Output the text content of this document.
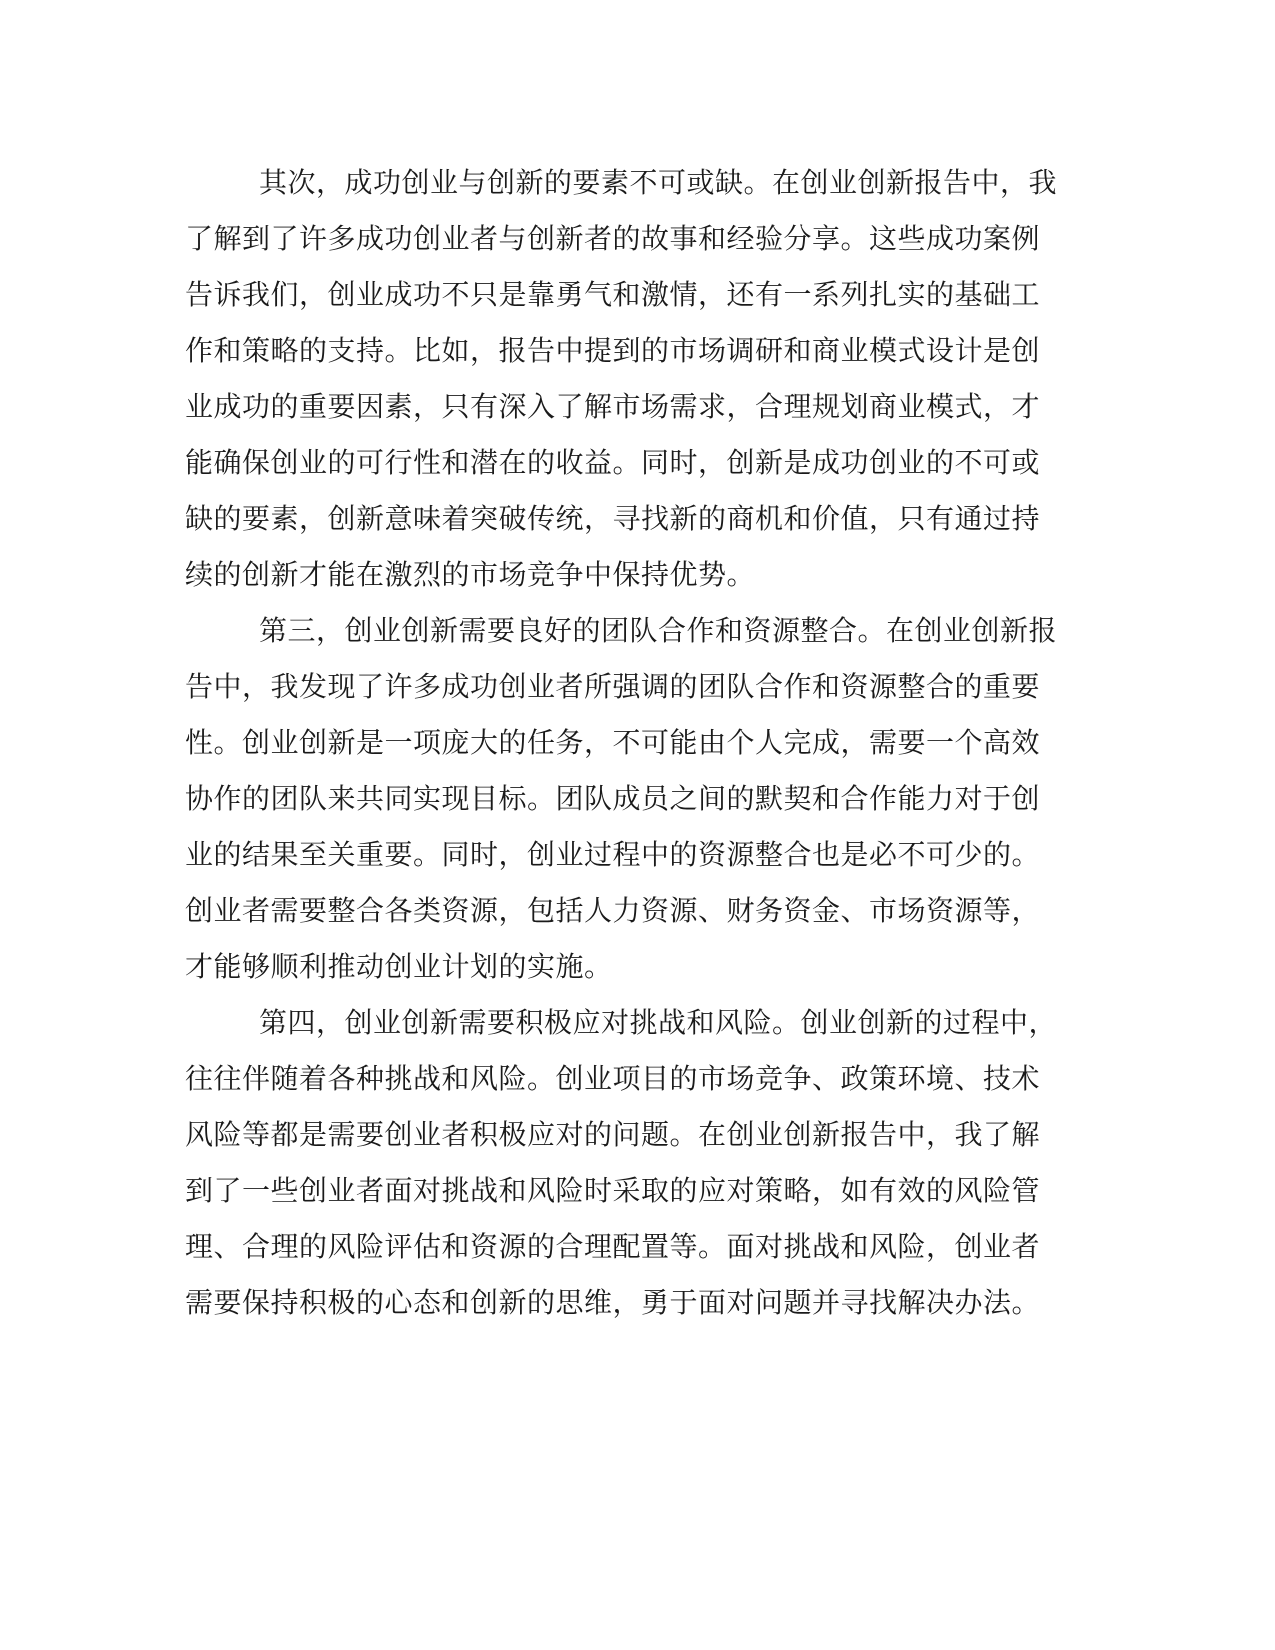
其次，成功创业与创新的要素不可或缺。在创业创新报告中，我
了解到了许多成功创业者与创新者的故事和经验分享。这些成功案例
告诉我们，创业成功不只是靠勇气和激情，还有一系列扎实的基础工
作和策略的支持。比如，报告中提到的市场调研和商业模式设计是创
业成功的重要因素，只有深入了解市场需求，合理规划商业模式，才
能确保创业的可行性和潜在的收益。同时，创新是成功创业的不可或
缺的要素，创新意味着突破传统，寻找新的商机和价值，只有通过持
续的创新才能在激烈的市场竞争中保持优势。
第三，创业创新需要良好的团队合作和资源整合。在创业创新报
告中，我发现了许多成功创业者所强调的团队合作和资源整合的重要
性。创业创新是一项庞大的任务，不可能由个人完成，需要一个高效
协作的团队来共同实现目标。团队成员之间的默契和合作能力对于创
业的结果至关重要。同时，创业过程中的资源整合也是必不可少的。
创业者需要整合各类资源，包括人力资源、财务资金、市场资源等，
才能够顺利推动创业计划的实施。
第四，创业创新需要积极应对挑战和风险。创业创新的过程中，
往往伴随着各种挑战和风险。创业项目的市场竞争、政策环境、技术
风险等都是需要创业者积极应对的问题。在创业创新报告中，我了解
到了一些创业者面对挑战和风险时采取的应对策略，如有效的风险管
理、合理的风险评估和资源的合理配置等。面对挑战和风险，创业者
需要保持积极的心态和创新的思维，勇于面对问题并寻找解决办法。
